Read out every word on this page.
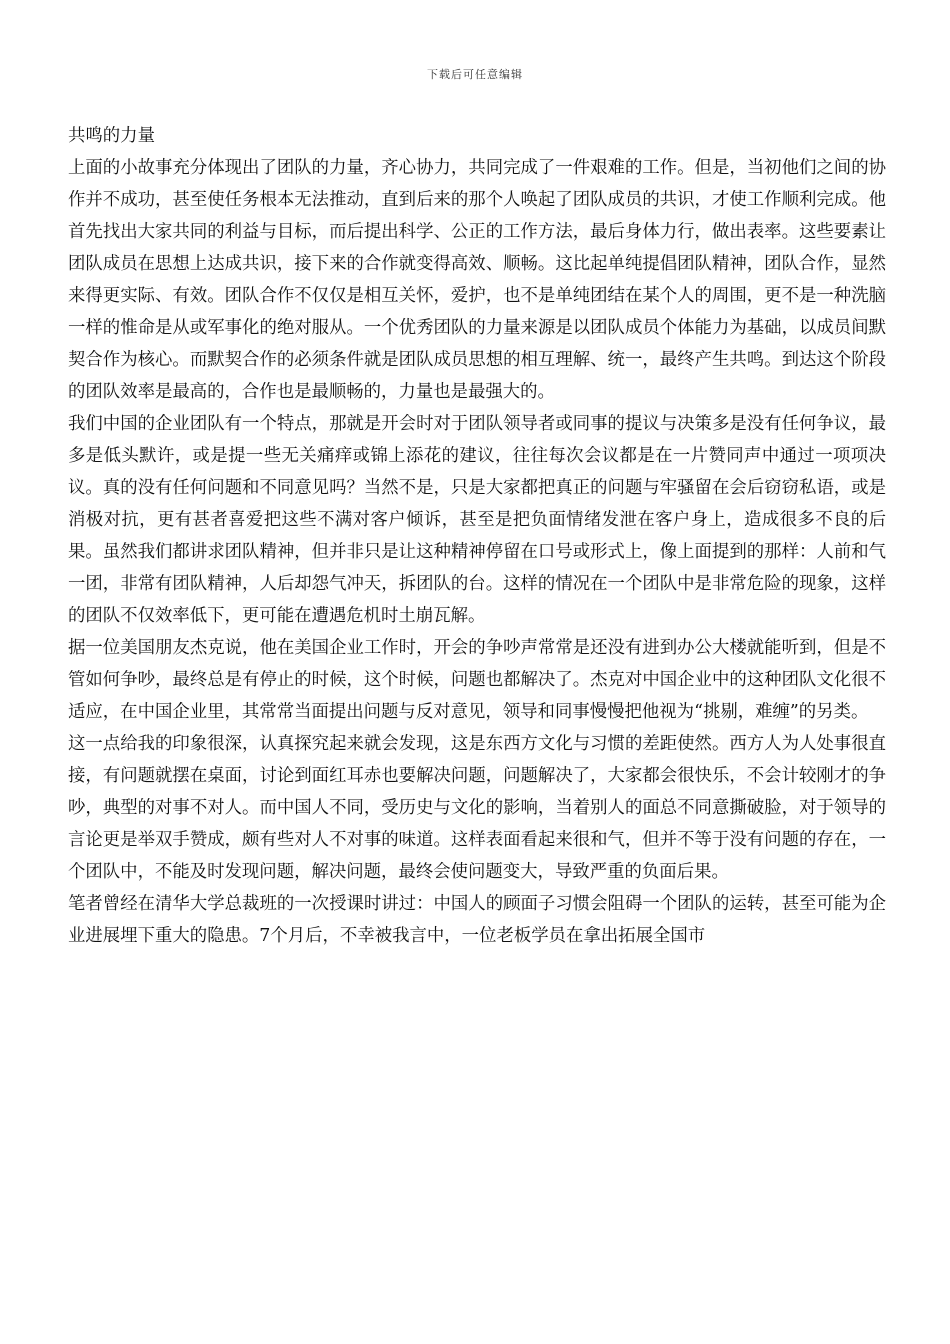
下载后可任意编辑
共鸣的力量

上面的小故事充分体现出了团队的力量，齐心协力，共同完成了一件艰难的工作。但是，当初他们之间的协作并不成功，甚至使任务根本无法推动，直到后来的那个人唤起了团队成员的共识，才使工作顺利完成。他首先找出大家共同的利益与目标，而后提出科学、公正的工作方法，最后身体力行，做出表率。这些要素让团队成员在思想上达成共识，接下来的合作就变得高效、顺畅。这比起单纯提倡团队精神，团队合作，显然来得更实际、有效。团队合作不仅仅是相互关怀，爱护，也不是单纯团结在某个人的周围，更不是一种洗脑一样的惟命是从或军事化的绝对服从。一个优秀团队的力量来源是以团队成员个体能力为基础，以成员间默契合作为核心。而默契合作的必须条件就是团队成员思想的相互理解、统一，最终产生共鸣。到达这个阶段的团队效率是最高的，合作也是最顺畅的，力量也是最强大的。

我们中国的企业团队有一个特点，那就是开会时对于团队领导者或同事的提议与决策多是没有任何争议，最多是低头默许，或是提一些无关痛痒或锦上添花的建议，往往每次会议都是在一片赞同声中通过一项项决议。真的没有任何问题和不同意见吗？当然不是，只是大家都把真正的问题与牢骚留在会后窃窃私语，或是消极对抗，更有甚者喜爱把这些不满对客户倾诉，甚至是把负面情绪发泄在客户身上，造成很多不良的后果。虽然我们都讲求团队精神，但并非只是让这种精神停留在口号或形式上，像上面提到的那样：人前和气一团，非常有团队精神，人后却怨气冲天，拆团队的台。这样的情况在一个团队中是非常危险的现象，这样的团队不仅效率低下，更可能在遭遇危机时土崩瓦解。

据一位美国朋友杰克说，他在美国企业工作时，开会的争吵声常常是还没有进到办公大楼就能听到，但是不管如何争吵，最终总是有停止的时候，这个时候，问题也都解决了。杰克对中国企业中的这种团队文化很不适应，在中国企业里，其常常当面提出问题与反对意见，领导和同事慢慢把他视为“挑剔，难缠”的另类。

这一点给我的印象很深，认真探究起来就会发现，这是东西方文化与习惯的差距使然。西方人为人处事很直接，有问题就摆在桌面，讨论到面红耳赤也要解决问题，问题解决了，大家都会很快乐，不会计较刚才的争吵，典型的对事不对人。而中国人不同，受历史与文化的影响，当着别人的面总不同意撕破脸，对于领导的言论更是举双手赞成，颇有些对人不对事的味道。这样表面看起来很和气，但并不等于没有问题的存在，一个团队中，不能及时发现问题，解决问题，最终会使问题变大，导致严重的负面后果。

笔者曾经在清华大学总裁班的一次授课时讲过：中国人的顾面子习惯会阻碍一个团队的运转，甚至可能为企业进展埋下重大的隐患。7个月后，不幸被我言中，一位老板学员在拿出拓展全国市
